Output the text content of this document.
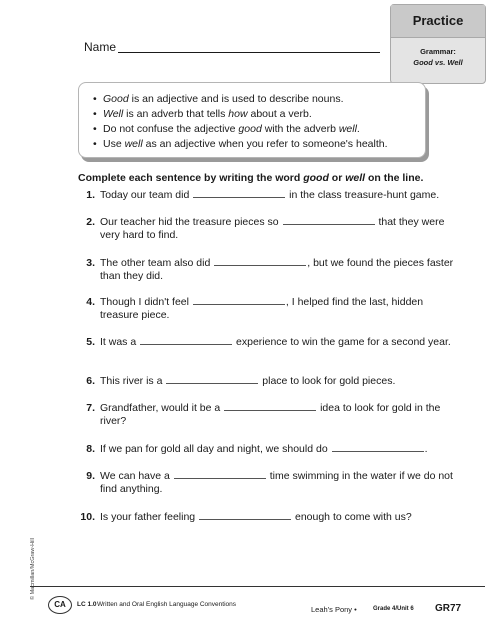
Practice
Grammar:
Good vs. Well
Name
• Good is an adjective and is used to describe nouns.
• Well is an adverb that tells how about a verb.
• Do not confuse the adjective good with the adverb well.
• Use well as an adjective when you refer to someone's health.
Complete each sentence by writing the word good or well on the line.
1. Today our team did	in the class treasure-hunt game.
2. Our teacher hid the treasure pieces so	that they were very hard to find.
3. The other team also did	, but we found the pieces faster than they did.
4. Though I didn't feel	, I helped find the last, hidden treasure piece.
5. It was a	experience to win the game for a second year.
6. This river is a	place to look for gold pieces.
7. Grandfather, would it be a	idea to look for gold in the river?
8. If we pan for gold all day and night, we should do	.
9. We can have a	time swimming in the water if we do not find anything.
10. Is your father feeling	enough to come with us?
© Macmillan/McGraw-Hill
CA	LC 1.0 Written and Oral English Language Conventions
Leah's Pony •	Grade 4/Unit 6 GR77
